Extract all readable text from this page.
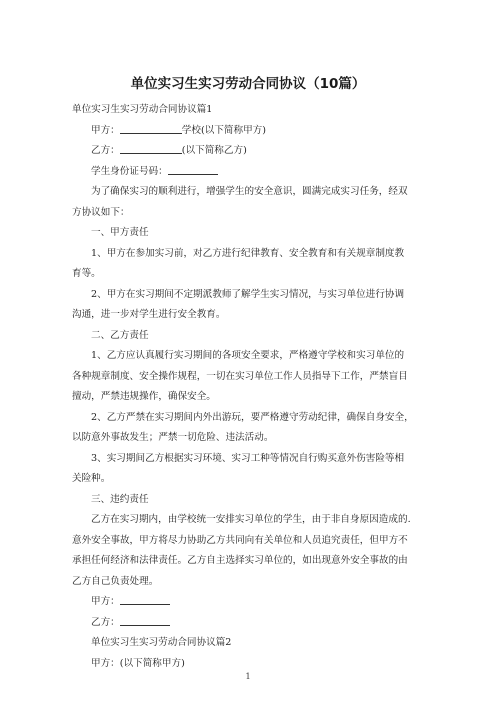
单位实习生实习劳动合同协议（10篇）
单位实习生实习劳动合同协议篇1
甲方：	学校(以下简称甲方)
乙方：	(以下简称乙方)
学生身份证号码：
为了确保实习的顺利进行，增强学生的安全意识，圆满完成实习任务，经双
方协议如下：
一、甲方责任
1、甲方在参加实习前，对乙方进行纪律教育、安全教育和有关规章制度教
育等。
2、甲方在实习期间不定期派教师了解学生实习情况，与实习单位进行协调
沟通，进一步对学生进行安全教育。
二、乙方责任
1、乙方应认真履行实习期间的各项安全要求，严格遵守学校和实习单位的
各种规章制度、安全操作规程，一切在实习单位工作人员指导下工作，严禁盲目
擅动，严禁违规操作，确保安全。
2、乙方严禁在实习期间内外出游玩，要严格遵守劳动纪律，确保自身安全，
以防意外事故发生；严禁一切危险、违法活动。
3、实习期间乙方根据实习环境、实习工种等情况自行购买意外伤害险等相
关险种。
三、违约责任
乙方在实习期内，由学校统一安排实习单位的学生，由于非自身原因造成的.
意外安全事故，甲方将尽力协助乙方共同向有关单位和人员追究责任，但甲方不
承担任何经济和法律责任。乙方自主选择实习单位的，如出现意外安全事故的由
乙方自己负责处理。
甲方：
乙方：
单位实习生实习劳动合同协议篇2
甲方：(以下简称甲方)
1
